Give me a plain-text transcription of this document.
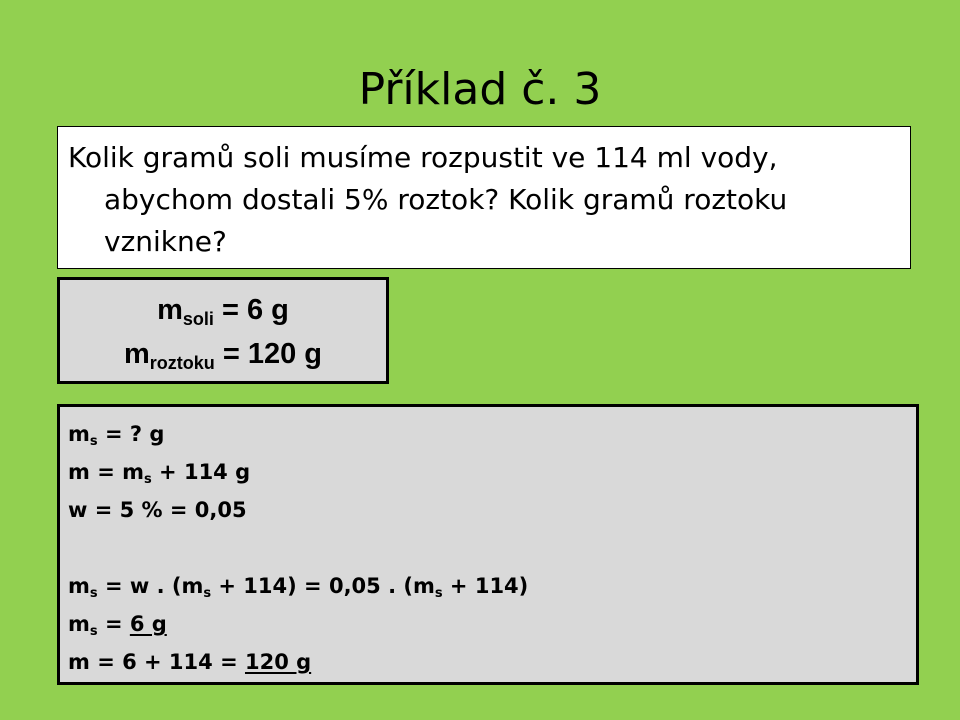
Příklad č. 3

Kolik gramů soli musíme rozpustit ve 114 ml vody, abychom dostali 5% roztok? Kolik gramů roztoku vznikne?

$m_{soli} = 6$ g
$m_{roztoku} = 120$ g
$m_s$ = ? g
$m = m_s + 114$ g
w = 5 % = 0,05
$m_s = w$ . $(m_s + 114) = 0,05$ . $(m_s + 114)$
$m_s = 6$ g
m = 6 + 114 = 120 g
